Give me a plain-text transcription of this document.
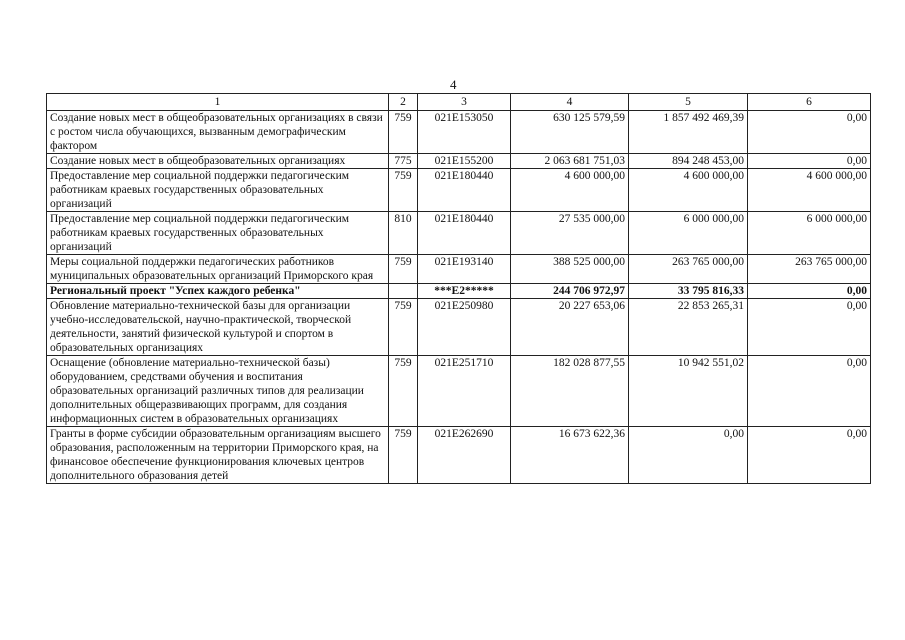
4
1	2	3	4	5	6
Создание новых мест в общеобразовательных организациях в связи с ростом числа обучающихся, вызванным демографическим фактором	759	021E153050	630 125 579,59	1 857 492 469,39	0,00
Создание новых мест в общеобразовательных организациях	775	021E155200	2 063 681 751,03	894 248 453,00	0,00
Предоставление мер социальной поддержки педагогическим работникам краевых государственных образовательных организаций	759	021E180440	4 600 000,00	4 600 000,00	4 600 000,00
Предоставление мер социальной поддержки педагогическим работникам краевых государственных образовательных организаций	810	021E180440	27 535 000,00	6 000 000,00	6 000 000,00
Меры социальной поддержки педагогических работников муниципальных образовательных организаций Приморского края	759	021E193140	388 525 000,00	263 765 000,00	263 765 000,00
Региональный проект "Успех каждого ребенка"		***E2*****	244 706 972,97	33 795 816,33	0,00
Обновление материально-технической базы для организации учебно-исследовательской, научно-практической, творческой деятельности, занятий физической культурой и спортом в образовательных организациях	759	021E250980	20 227 653,06	22 853 265,31	0,00
Оснащение (обновление материально-технической базы) оборудованием, средствами обучения и воспитания образовательных организаций различных типов для реализации дополнительных общеразвивающих программ, для создания информационных систем в образовательных организациях	759	021E251710	182 028 877,55	10 942 551,02	0,00
Гранты в форме субсидии образовательным организациям высшего образования, расположенным на территории Приморского края, на финансовое обеспечение функционирования ключевых центров дополнительного образования детей	759	021E262690	16 673 622,36	0,00	0,00
